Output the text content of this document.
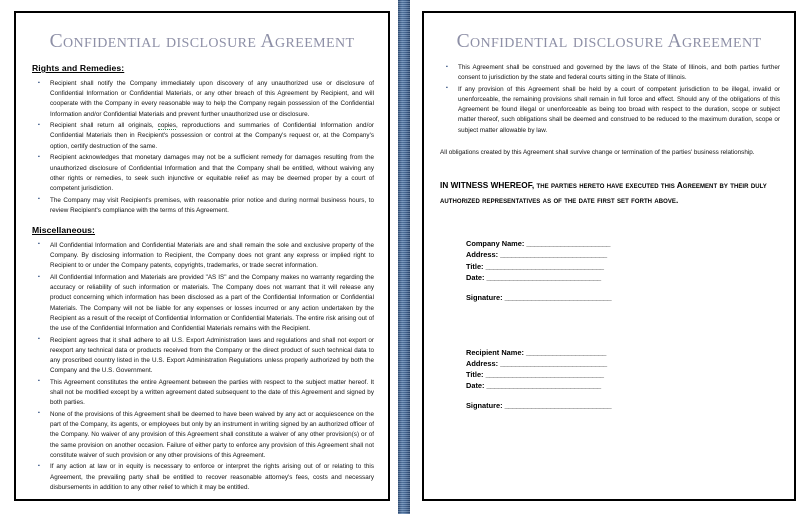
Confidential disclosure Agreement
Rights and Remedies:
▪ Recipient shall notify the Company immediately upon discovery of any unauthorized use or disclosure of Confidential Information or Confidential Materials, or any other breach of this Agreement by Recipient, and will cooperate with the Company in every reasonable way to help the Company regain possession of the Confidential Information and/or Confidential Materials and prevent further unauthorized use or disclosure.
▪ Recipient shall return all originals, copies, reproductions and summaries of Confidential Information and/or Confidential Materials then in Recipient's possession or control at the Company's request or, at the Company's option, certify destruction of the same.
▪ Recipient acknowledges that monetary damages may not be a sufficient remedy for damages resulting from the unauthorized disclosure of Confidential Information and that the Company shall be entitled, without waiving any other rights or remedies, to seek such injunctive or equitable relief as may be deemed proper by a court of competent jurisdiction.
▪ The Company may visit Recipient's premises, with reasonable prior notice and during normal business hours, to review Recipient's compliance with the terms of this Agreement.
Miscellaneous:
▪ All Confidential Information and Confidential Materials are and shall remain the sole and exclusive property of the Company. By disclosing information to Recipient, the Company does not grant any express or implied right to Recipient to or under the Company patents, copyrights, trademarks, or trade secret information.
▪ All Confidential Information and Materials are provided "AS IS" and the Company makes no warranty regarding the accuracy or reliability of such information or materials. The Company does not warrant that it will release any product concerning which information has been disclosed as a part of the Confidential Information or Confidential Materials. The Company will not be liable for any expenses or losses incurred or any action undertaken by the Recipient as a result of the receipt of Confidential Information or Confidential Materials. The entire risk arising out of the use of the Confidential Information and Confidential Materials remains with the Recipient.
▪ Recipient agrees that it shall adhere to all U.S. Export Administration laws and regulations and shall not export or reexport any technical data or products received from the Company or the direct product of such technical data to any proscribed country listed in the U.S. Export Administration Regulations unless properly authorized by both the Company and the U.S. Government.
▪ This Agreement constitutes the entire Agreement between the parties with respect to the subject matter hereof. It shall not be modified except by a written agreement dated subsequent to the date of this Agreement and signed by both parties.
▪ None of the provisions of this Agreement shall be deemed to have been waived by any act or acquiescence on the part of the Company, its agents, or employees but only by an instrument in writing signed by an authorized officer of the Company. No waiver of any provision of this Agreement shall constitute a waiver of any other provision(s) or of the same provision on another occasion. Failure of either party to enforce any provision of this Agreement shall not constitute waiver of such provision or any other provisions of this Agreement.
▪ If any action at law or in equity is necessary to enforce or interpret the rights arising out of or relating to this Agreement, the prevailing party shall be entitled to recover reasonable attorney's fees, costs and necessary disbursements in addition to any other relief to which it may be entitled.
Confidential disclosure Agreement
▪ This Agreement shall be construed and governed by the laws of the State of Illinois, and both parties further consent to jurisdiction by the state and federal courts sitting in the State of Illinois.
▪ If any provision of this Agreement shall be held by a court of competent jurisdiction to be illegal, invalid or unenforceable, the remaining provisions shall remain in full force and effect. Should any of the obligations of this Agreement be found illegal or unenforceable as being too broad with respect to the duration, scope or subject matter thereof, such obligations shall be deemed and construed to be reduced to the maximum duration, scope or subject matter allowable by law.
All obligations created by this Agreement shall survive change or termination of the parties' business relationship.
IN WITNESS WHEREOF, the parties hereto have executed this Agreement by their duly authorized representatives as of the date first set forth above.
Company Name: ______________________
Address: ____________________________
Title: _______________________________
Date: ______________________________
Signature: ____________________________
Recipient Name: _____________________
Address: ____________________________
Title: _______________________________
Date: ______________________________
Signature: ____________________________
